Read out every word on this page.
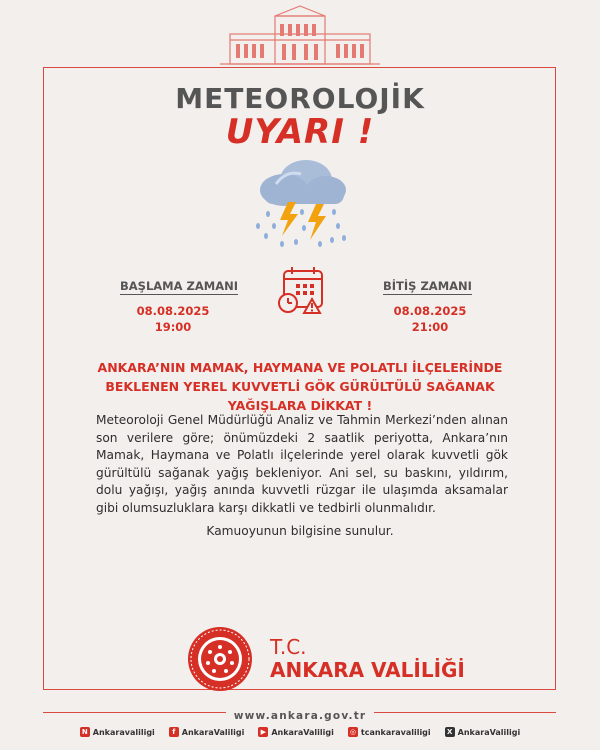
METEOROLOJİK
UYARI !
BAŞLAMA ZAMANI
08.08.2025
19:00
BİTİŞ ZAMANI
08.08.2025
21:00
ANKARA’NIN MAMAK, HAYMANA VE POLATLI İLÇELERİNDE BEKLENEN YEREL KUVVETLİ GÖK GÜRÜLTÜLÜ SAĞANAK YAĞIŞLARA DİKKAT !
Meteoroloji Genel Müdürlüğü Analiz ve Tahmin Merkezi’nden alınan son verilere göre; önümüzdeki 2 saatlik periyotta, Ankara’nın Mamak, Haymana ve Polatlı ilçelerinde yerel olarak kuvvetli gök gürültülü sağanak yağış bekleniyor. Ani sel, su baskını, yıldırım, dolu yağışı, yağış anında kuvvetli rüzgar ile ulaşımda aksamalar gibi olumsuzluklara karşı dikkatli ve tedbirli olunmalıdır.
Kamuoyunun bilgisine sunulur.
T.C.
ANKARA VALİLİĞİ
www.ankara.gov.tr
N Ankaravaliligi	f AnkaraValiligi	▶ AnkaraValiligi ◎ tcankaravaliligi	X AnkaraValiligi
